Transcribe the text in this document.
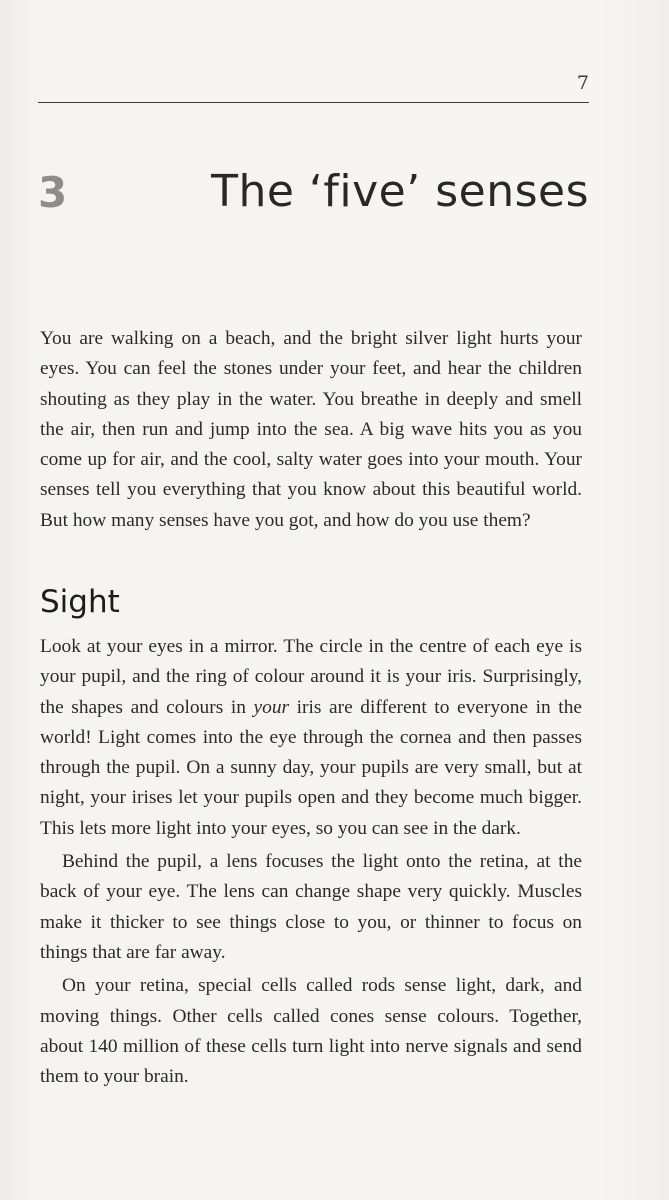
7
3	The ‘five’ senses

You are walking on a beach, and the bright silver light hurts your eyes. You can feel the stones under your feet, and hear the children shouting as they play in the water. You breathe in deeply and smell the air, then run and jump into the sea. A big wave hits you as you come up for air, and the cool, salty water goes into your mouth. Your senses tell you everything that you know about this beautiful world. But how many senses have you got, and how do you use them?

Sight

Look at your eyes in a mirror. The circle in the centre of each eye is your pupil, and the ring of colour around it is your iris. Surprisingly, the shapes and colours in your iris are different to everyone in the world! Light comes into the eye through the cornea and then passes through the pupil. On a sunny day, your pupils are very small, but at night, your irises let your pupils open and they become much bigger. This lets more light into your eyes, so you can see in the dark.

Behind the pupil, a lens focuses the light onto the retina, at the back of your eye. The lens can change shape very quickly. Muscles make it thicker to see things close to you, or thinner to focus on things that are far away.

On your retina, special cells called rods sense light, dark, and moving things. Other cells called cones sense colours. Together, about 140 million of these cells turn light into nerve signals and send them to your brain.
